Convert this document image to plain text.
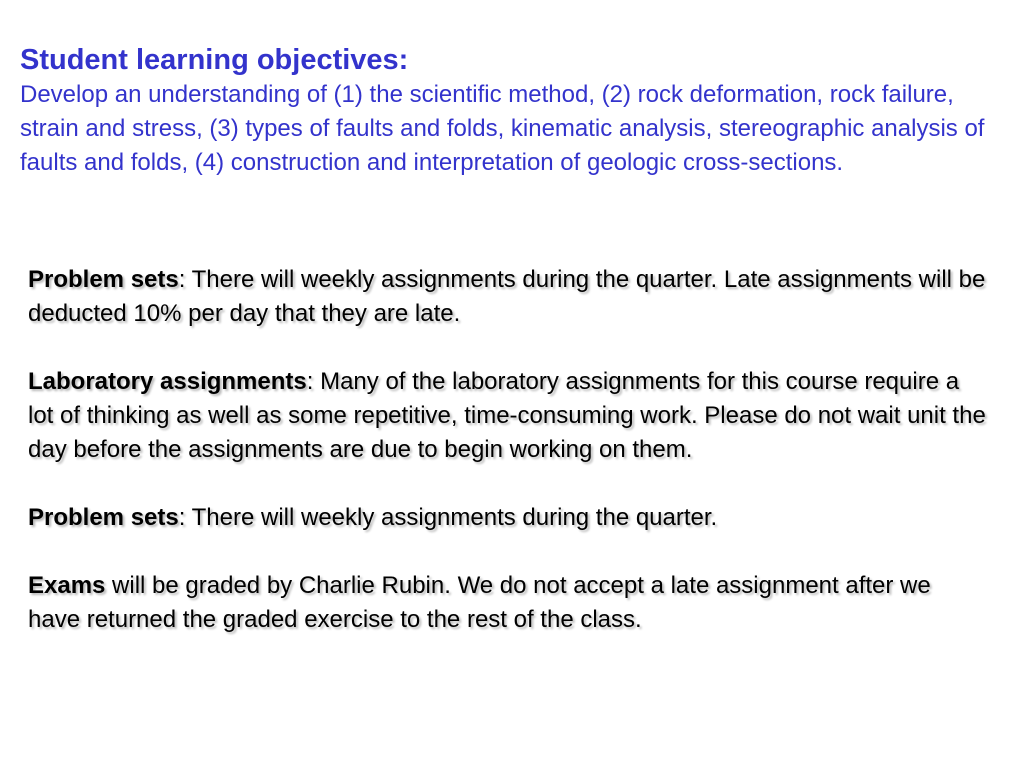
Student learning objectives:

Develop an understanding of (1) the scientific method, (2) rock deformation, rock failure, strain and stress, (3) types of faults and folds, kinematic analysis, stereographic analysis of faults and folds, (4) construction and interpretation of geologic cross-sections.

Problem sets: There will weekly assignments during the quarter. Late assignments will be deducted 10% per day that they are late.

Laboratory assignments: Many of the laboratory assignments for this course require a lot of thinking as well as some repetitive, time-consuming work. Please do not wait unit the day before the assignments are due to begin working on them.

Problem sets: There will weekly assignments during the quarter.

Exams will be graded by Charlie Rubin. We do not accept a late assignment after we have returned the graded exercise to the rest of the class.
